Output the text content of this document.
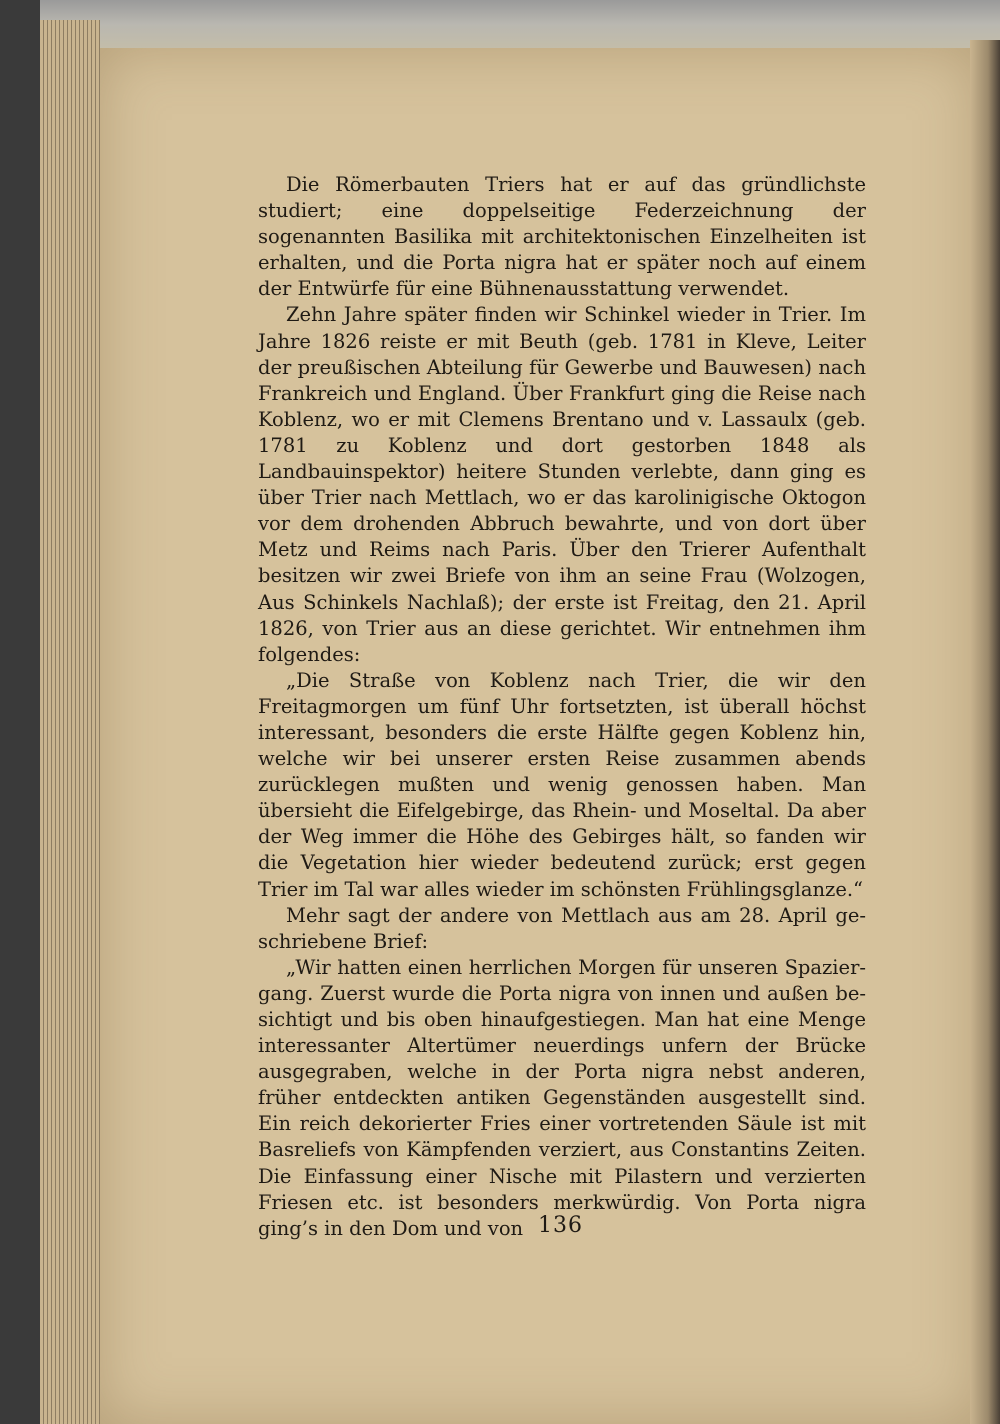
Die Römerbauten Triers hat er auf das gründlichste studiert; eine doppelseitige Federzeichnung der sogenannten Basilika mit architektonischen Einzelheiten ist erhalten, und die Porta nigra hat er später noch auf einem der Entwürfe für eine Bühnenausstattung verwendet.

Zehn Jahre später finden wir Schinkel wieder in Trier. Im Jahre 1826 reiste er mit Beuth (geb. 1781 in Kleve, Leiter der preußischen Abteilung für Gewerbe und Bauwesen) nach Frankreich und England. Über Frankfurt ging die Reise nach Koblenz, wo er mit Clemens Brentano und v. Lassaulx (geb. 1781 zu Koblenz und dort gestorben 1848 als Landbauinspektor) heitere Stunden verlebte, dann ging es über Trier nach Mettlach, wo er das karolinigische Oktogon vor dem drohenden Abbruch bewahrte, und von dort über Metz und Reims nach Paris. Über den Trierer Aufenthalt besitzen wir zwei Briefe von ihm an seine Frau (Wolzogen, Aus Schinkels Nachlaß); der erste ist Freitag, den 21. April 1826, von Trier aus an diese gerichtet. Wir entnehmen ihm folgendes:

„Die Straße von Koblenz nach Trier, die wir den Freitagmorgen um fünf Uhr fortsetzten, ist überall höchst interessant, besonders die erste Hälfte gegen Koblenz hin, welche wir bei unserer ersten Reise zusammen abends zurücklegen mußten und wenig genossen haben. Man übersieht die Eifelgebirge, das Rhein- und Moseltal. Da aber der Weg immer die Höhe des Gebirges hält, so fanden wir die Vegetation hier wieder bedeutend zurück; erst gegen Trier im Tal war alles wieder im schönsten Frühlingsglanze.“

Mehr sagt der andere von Mettlach aus am 28. April geschriebene Brief:

„Wir hatten einen herrlichen Morgen für unseren Spaziergang. Zuerst wurde die Porta nigra von innen und außen besichtigt und bis oben hinaufgestiegen. Man hat eine Menge interessanter Altertümer neuerdings unfern der Brücke ausgegraben, welche in der Porta nigra nebst anderen, früher entdeckten antiken Gegenständen ausgestellt sind. Ein reich dekorierter Fries einer vortretenden Säule ist mit Basreliefs von Kämpfenden verziert, aus Constantins Zeiten. Die Einfassung einer Nische mit Pilastern und verzierten Friesen etc. ist besonders merkwürdig. Von Porta nigra ging’s in den Dom und von 136
